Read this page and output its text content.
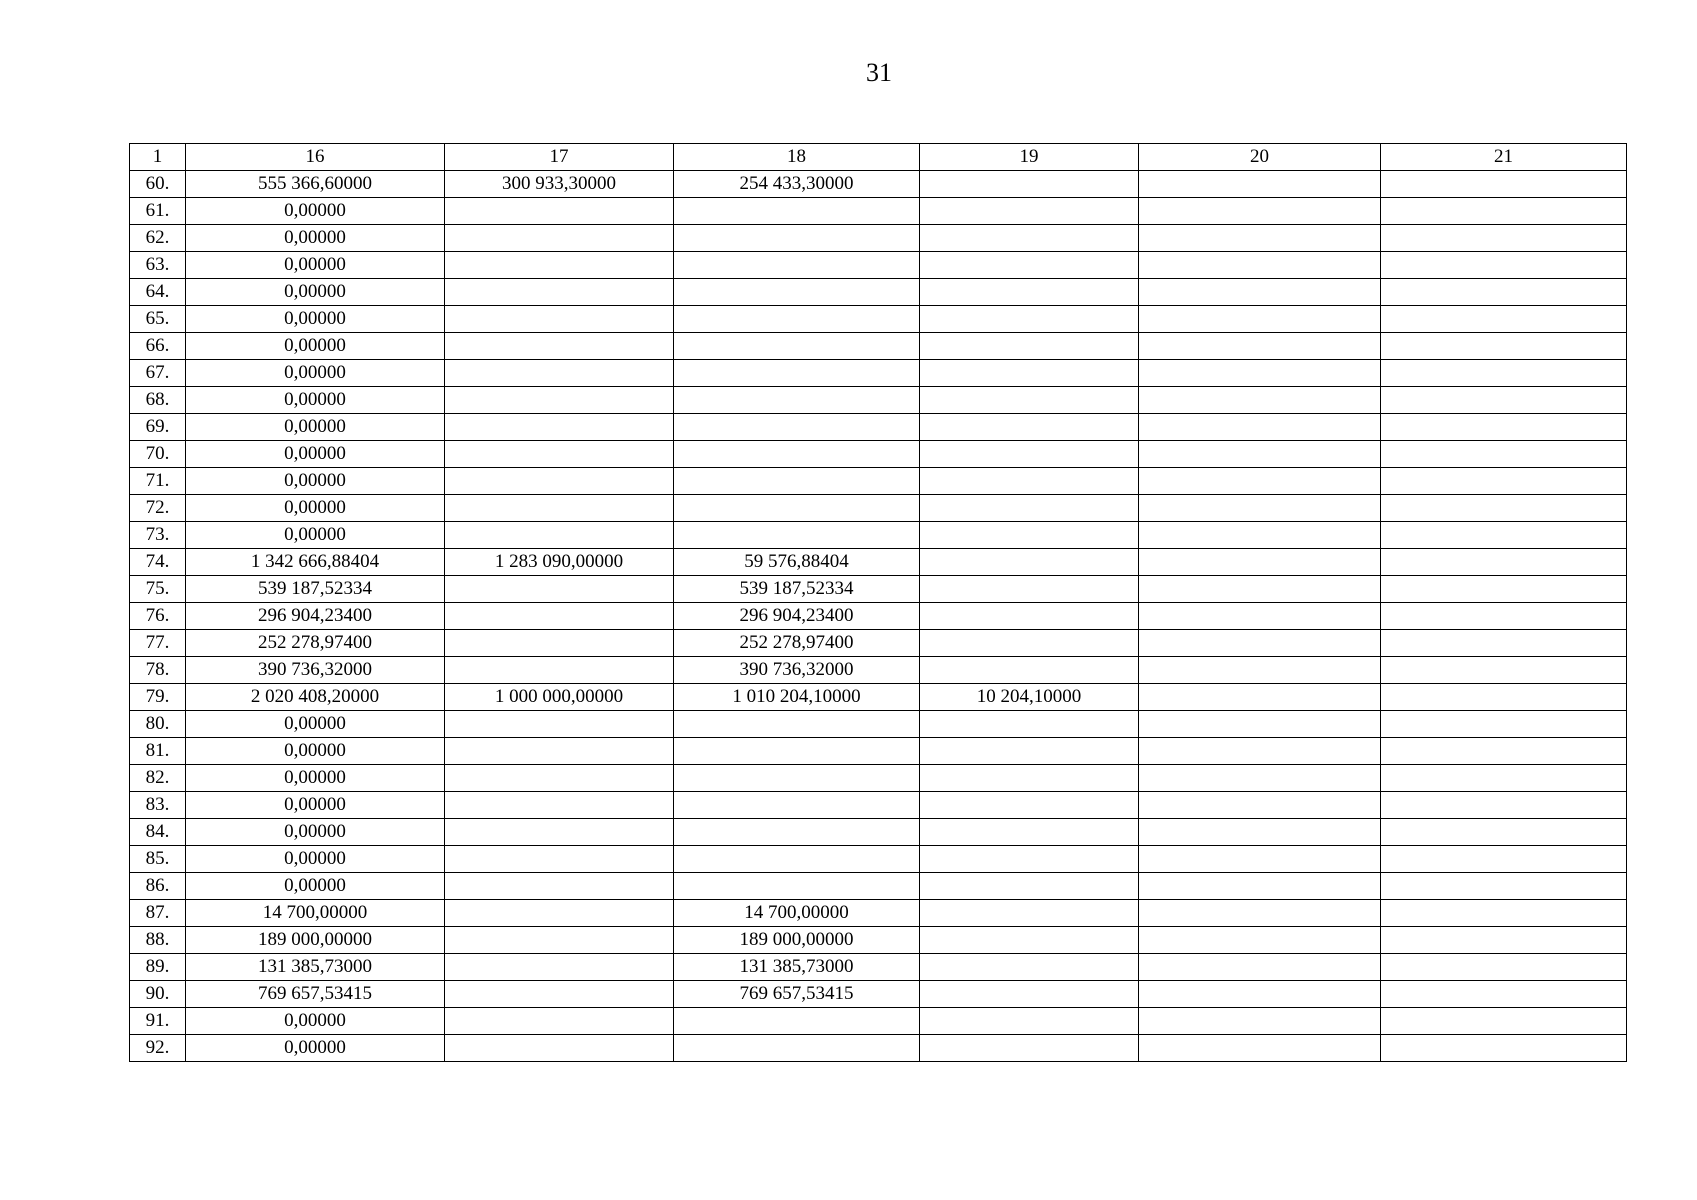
31
1	16	17	18	19	20	21
60.	555 366,60000	300 933,30000	254 433,30000			
61.	0,00000					
62.	0,00000					
63.	0,00000					
64.	0,00000					
65.	0,00000					
66.	0,00000					
67.	0,00000					
68.	0,00000					
69.	0,00000					
70.	0,00000					
71.	0,00000					
72.	0,00000					
73.	0,00000					
74.	1 342 666,88404	1 283 090,00000	59 576,88404			
75.	539 187,52334		539 187,52334			
76.	296 904,23400		296 904,23400			
77.	252 278,97400		252 278,97400			
78.	390 736,32000		390 736,32000			
79.	2 020 408,20000	1 000 000,00000	1 010 204,10000	10 204,10000		
80.	0,00000					
81.	0,00000					
82.	0,00000					
83.	0,00000					
84.	0,00000					
85.	0,00000					
86.	0,00000					
87.	14 700,00000		14 700,00000			
88.	189 000,00000		189 000,00000			
89.	131 385,73000		131 385,73000			
90.	769 657,53415		769 657,53415			
91.	0,00000					
92.	0,00000					
